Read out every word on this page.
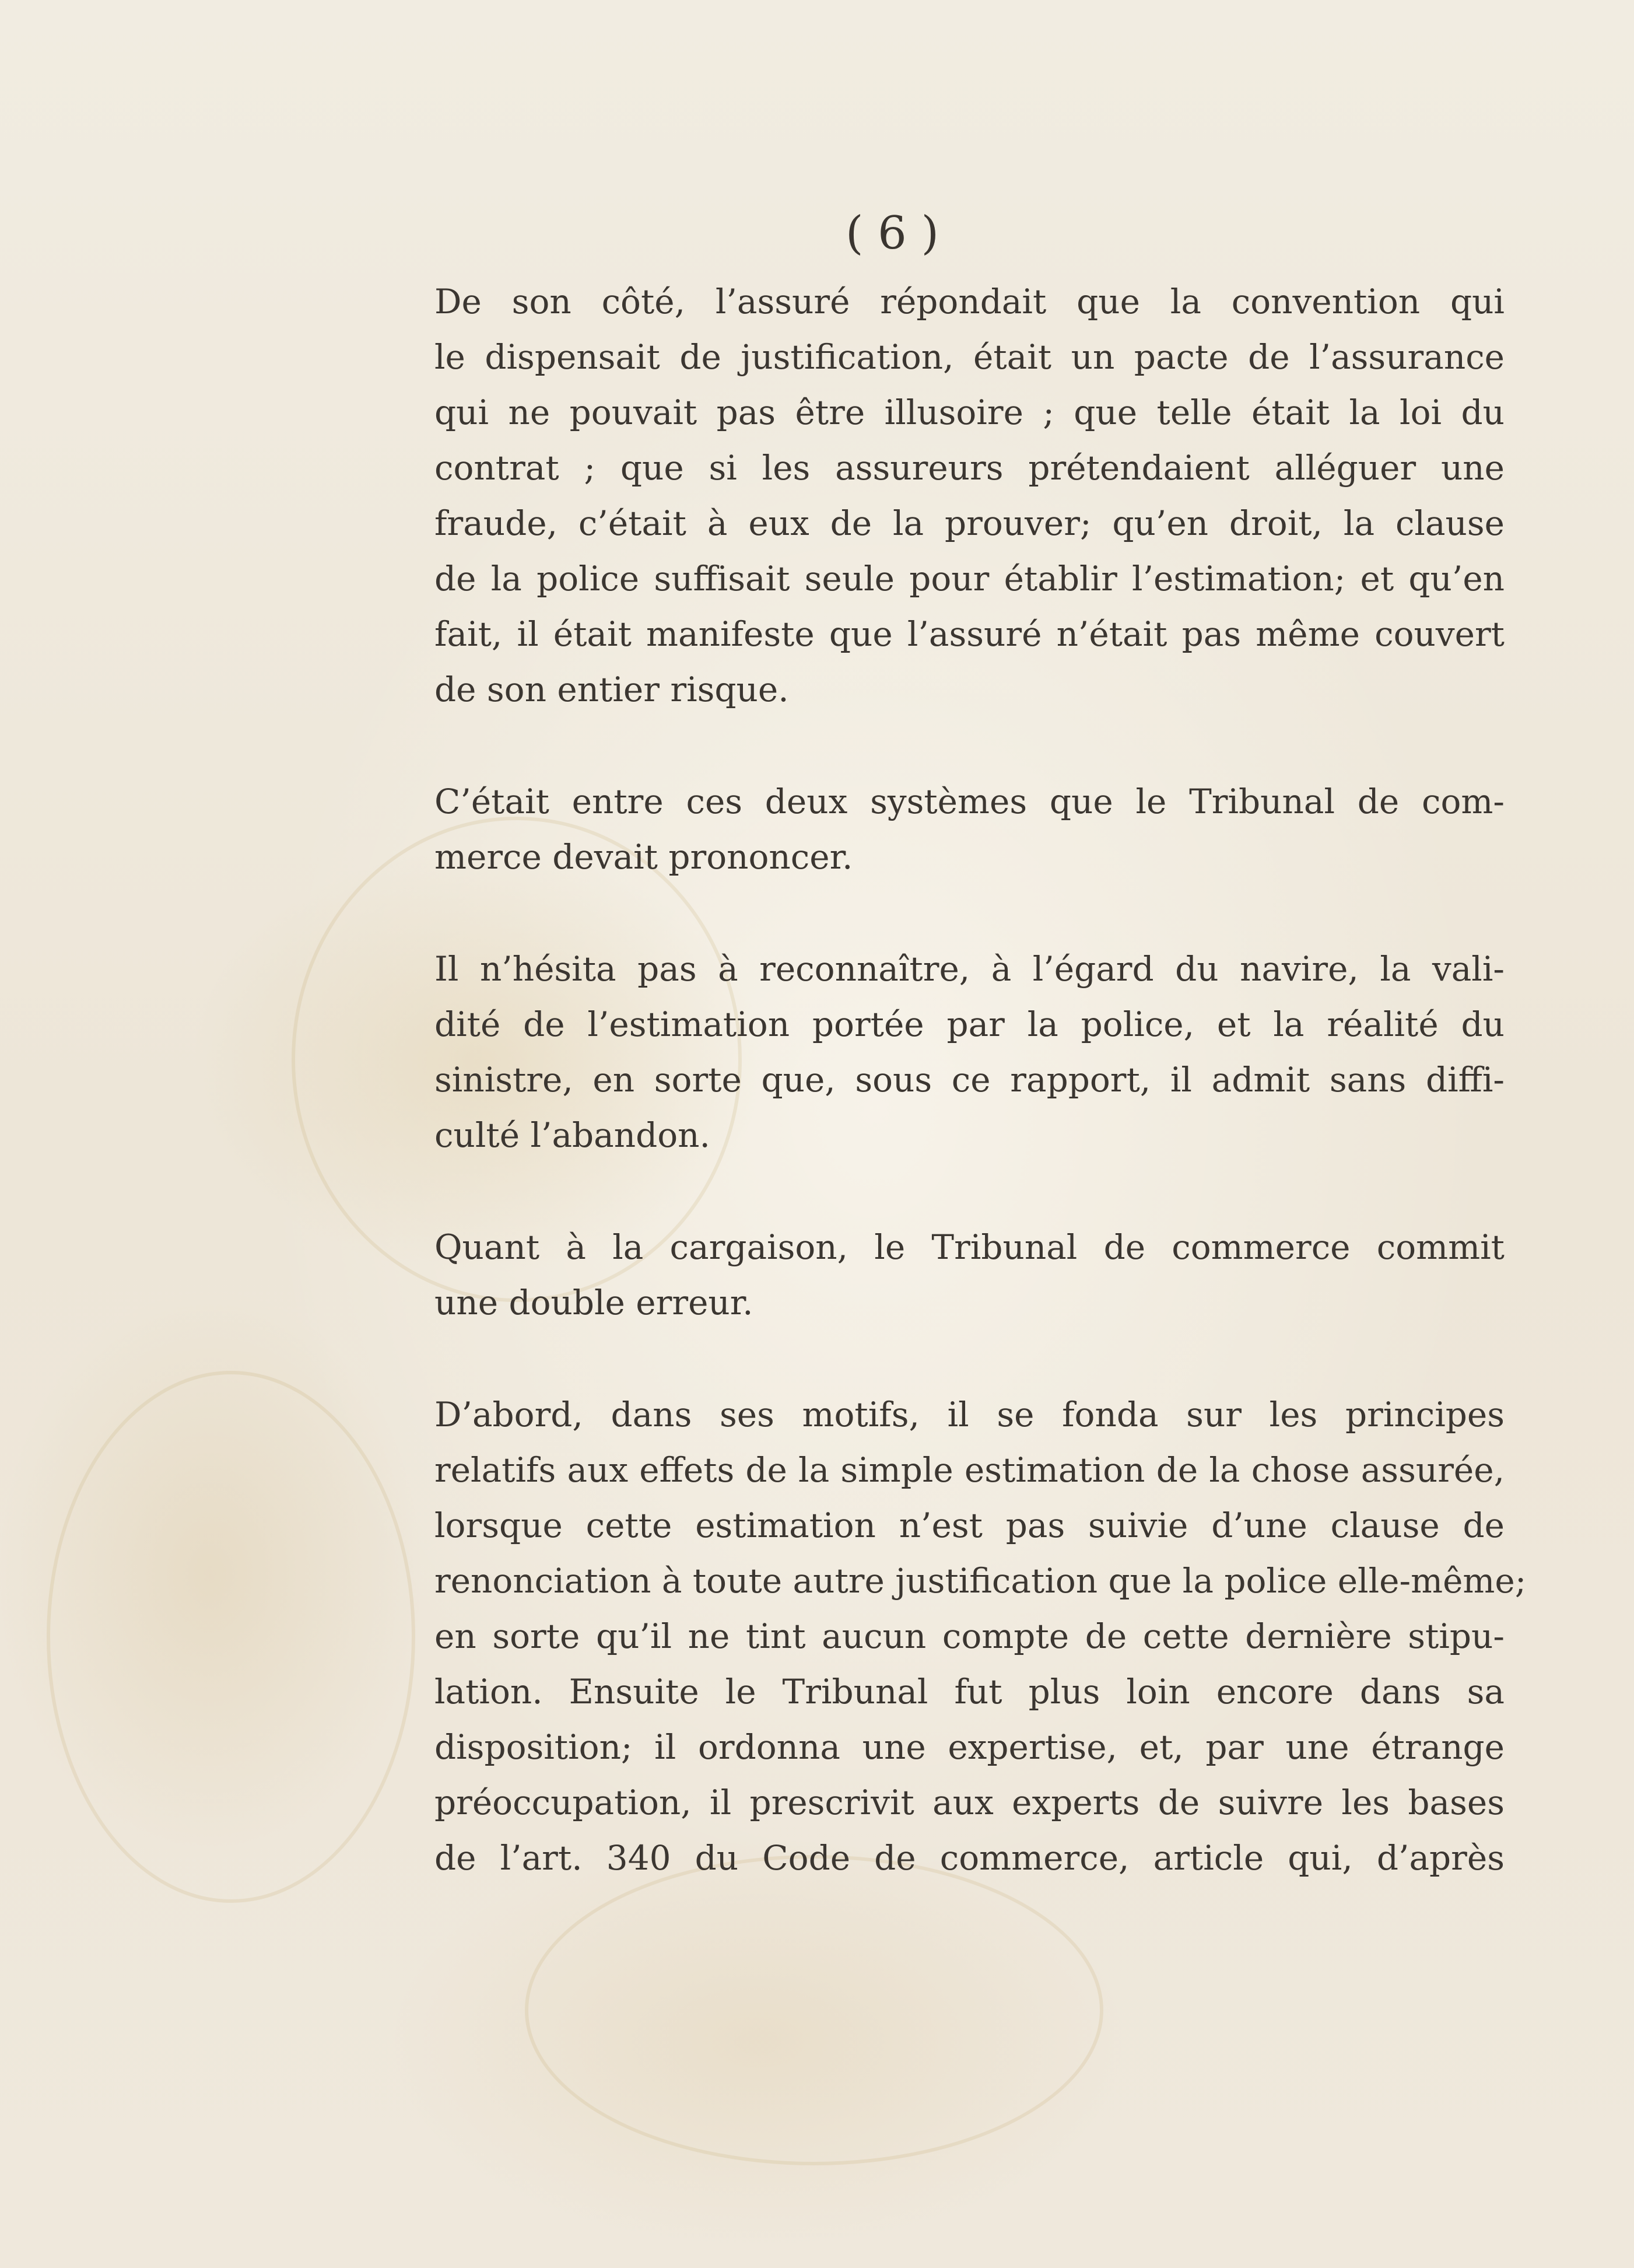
( 6 )
De son côté, l’assuré répondait que la convention qui
le dispensait de justification, était un pacte de l’assurance
qui ne pouvait pas être illusoire ; que telle était la loi du
contrat ; que si les assureurs prétendaient alléguer une
fraude, c’était à eux de la prouver; qu’en droit, la clause
de la police suffisait seule pour établir l’estimation; et qu’en
fait, il était manifeste que l’assuré n’était pas même couvert
de son entier risque.
C’était entre ces deux systèmes que le Tribunal de com-
merce devait prononcer.
Il n’hésita pas à reconnaître, à l’égard du navire, la vali-
dité de l’estimation portée par la police, et la réalité du
sinistre, en sorte que, sous ce rapport, il admit sans diffi-
culté l’abandon.
Quant à la cargaison, le Tribunal de commerce commit
une double erreur.
D’abord, dans ses motifs, il se fonda sur les principes
relatifs aux effets de la simple estimation de la chose assurée,
lorsque cette estimation n’est pas suivie d’une clause de
renonciation à toute autre justification que la police elle-même;
en sorte qu’il ne tint aucun compte de cette dernière stipu-
lation. Ensuite le Tribunal fut plus loin encore dans sa
disposition; il ordonna une expertise, et, par une étrange
préoccupation, il prescrivit aux experts de suivre les bases
de l’art. 340 du Code de commerce, article qui, d’après
